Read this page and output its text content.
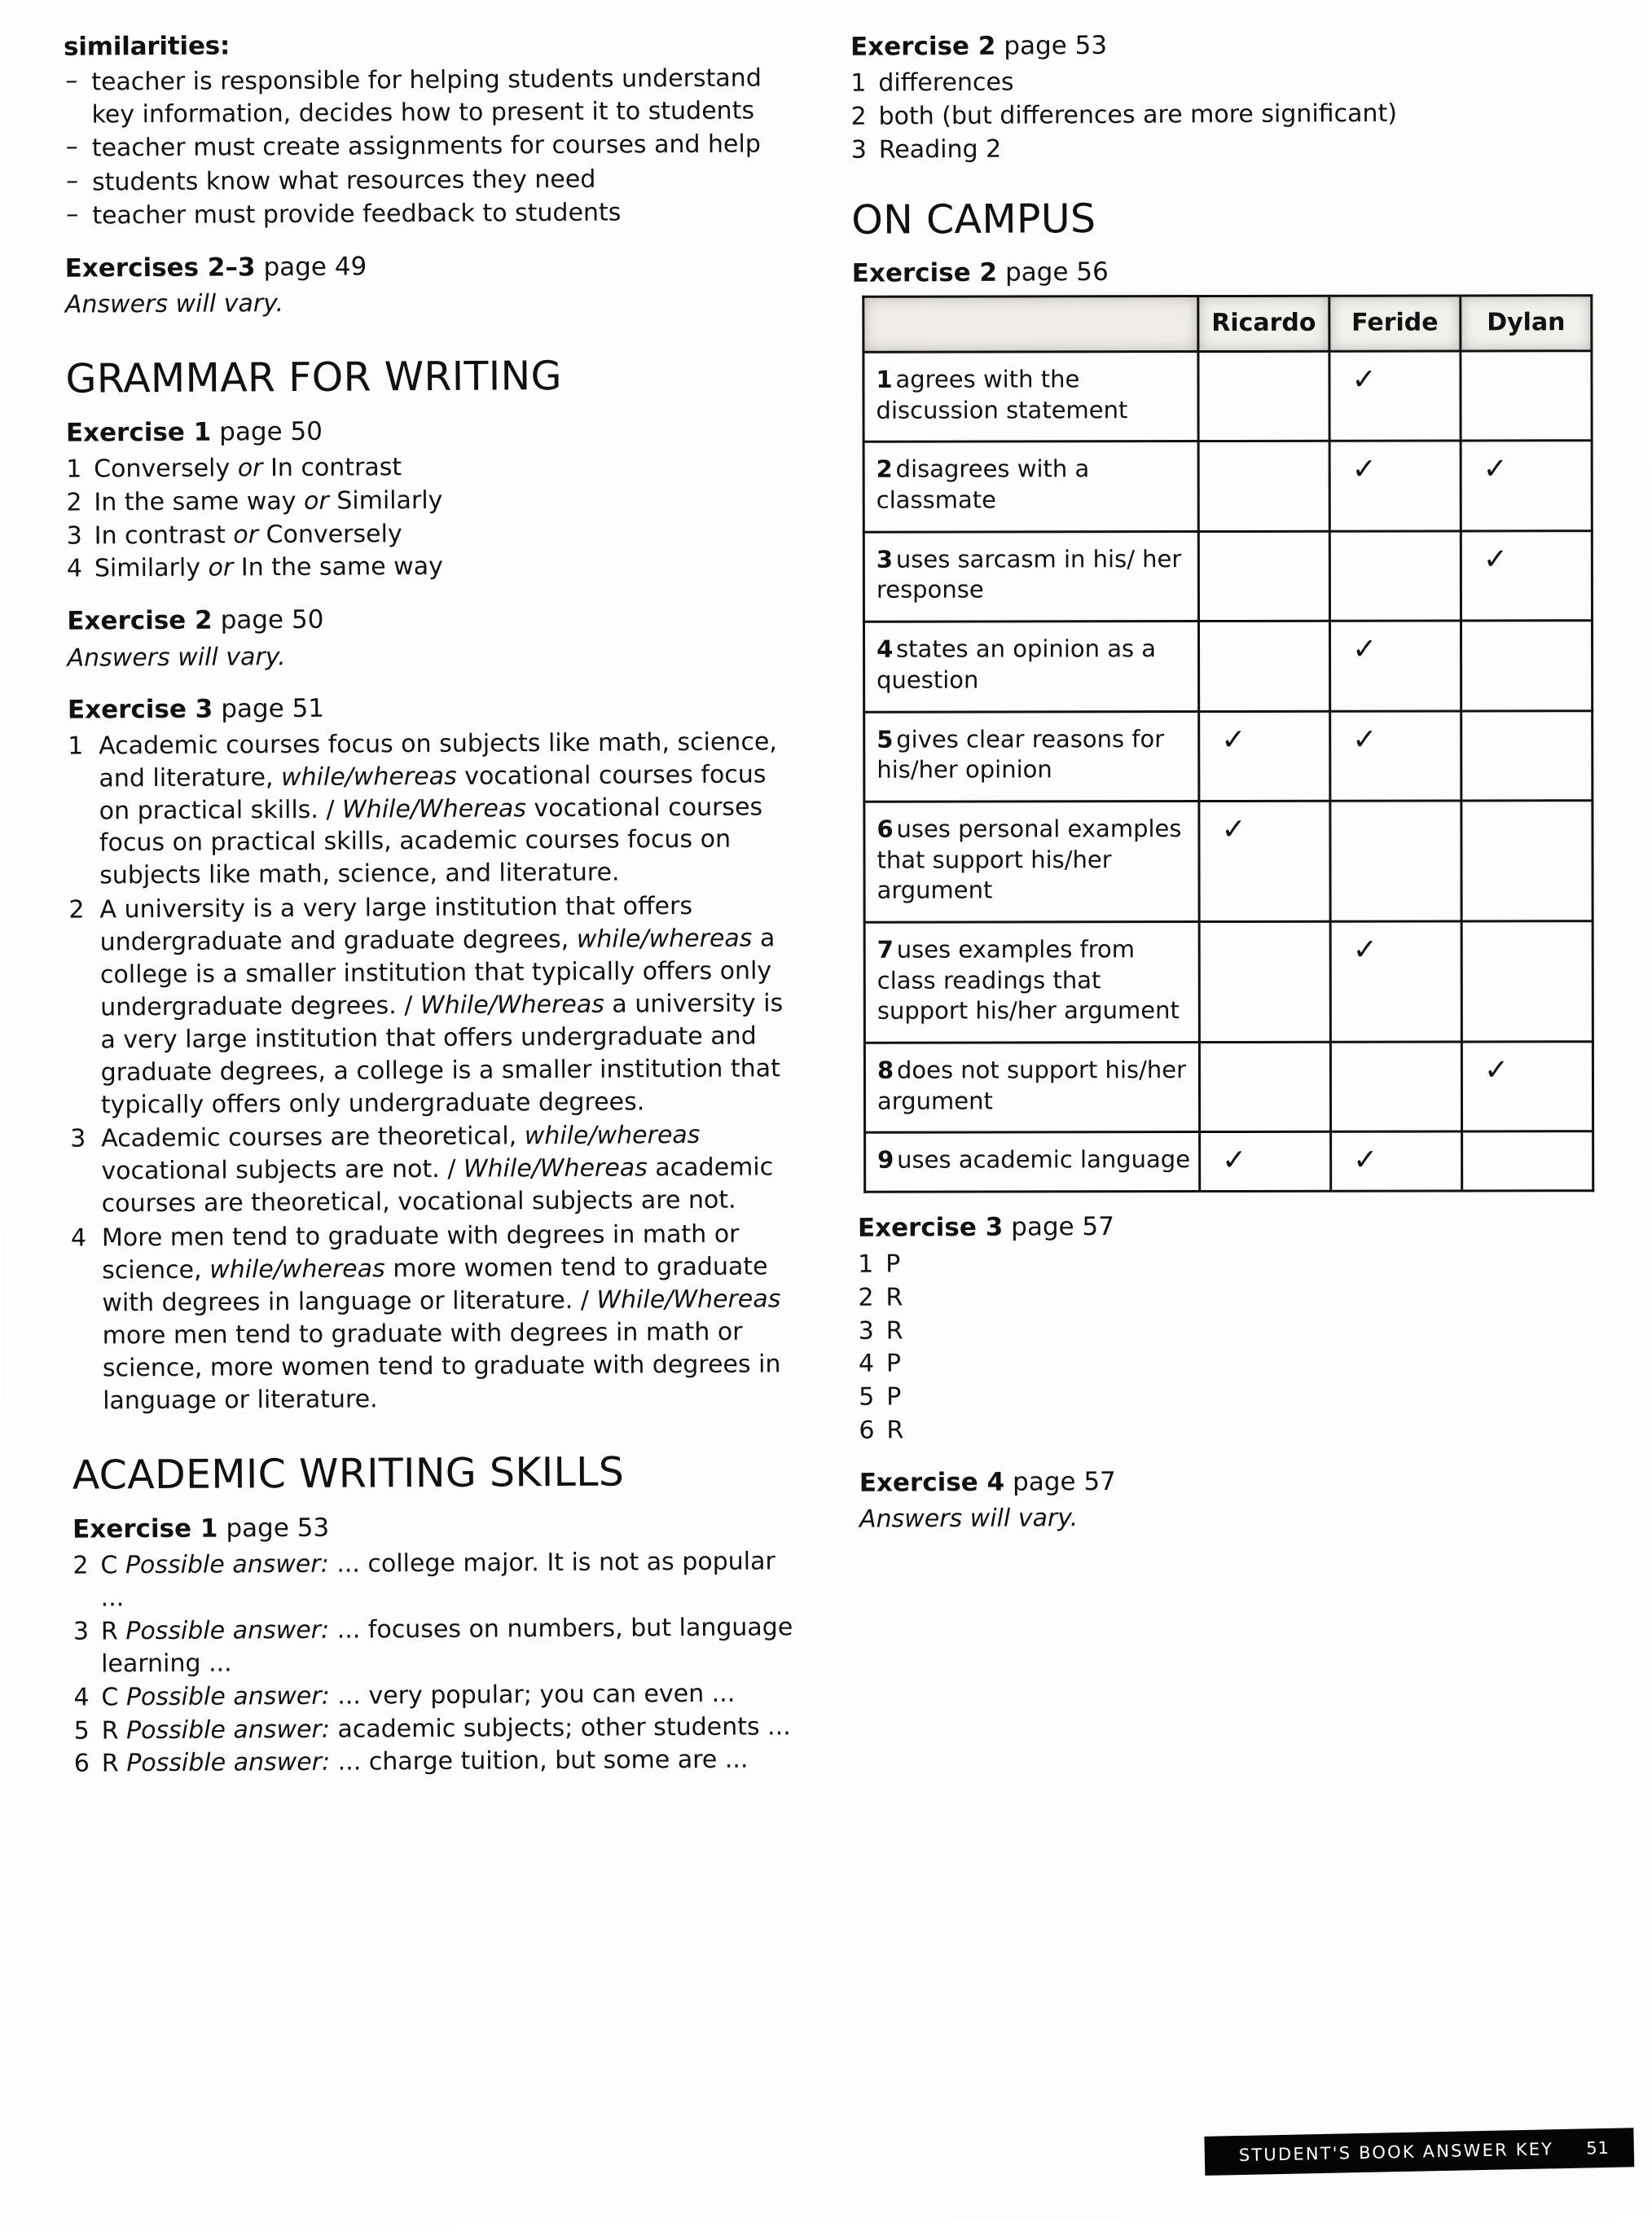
similarities:
– teacher is responsible for helping students understand key information, decides how to present it to students
– teacher must create assignments for courses and help
– students know what resources they need
– teacher must provide feedback to students
Exercises 2–3 page 49
Answers will vary.
GRAMMAR FOR WRITING
Exercise 1 page 50
1 Conversely or In contrast
2 In the same way or Similarly
3 In contrast or Conversely
4 Similarly or In the same way
Exercise 2 page 50
Answers will vary.
Exercise 3 page 51
1 Academic courses focus on subjects like math, science, and literature, while/whereas vocational courses focus on practical skills. / While/Whereas vocational courses focus on practical skills, academic courses focus on subjects like math, science, and literature.
2 A university is a very large institution that offers undergraduate and graduate degrees, while/whereas a college is a smaller institution that typically offers only undergraduate degrees. / While/Whereas a university is a very large institution that offers undergraduate and graduate degrees, a college is a smaller institution that typically offers only undergraduate degrees.
3 Academic courses are theoretical, while/whereas vocational subjects are not. / While/Whereas academic courses are theoretical, vocational subjects are not.
4 More men tend to graduate with degrees in math or science, while/whereas more women tend to graduate with degrees in language or literature. / While/Whereas more men tend to graduate with degrees in math or science, more women tend to graduate with degrees in language or literature.
ACADEMIC WRITING SKILLS
Exercise 1 page 53
2 C Possible answer: ... college major. It is not as popular ...
3 R Possible answer: ... focuses on numbers, but language learning ...
4 C Possible answer: ... very popular; you can even ...
5 R Possible answer: academic subjects; other students ...
6 R Possible answer: ... charge tuition, but some are ...
Exercise 2 page 53
1 differences
2 both (but differences are more significant)
3 Reading 2
ON CAMPUS
Exercise 2 page 56
	Ricardo	Feride	Dylan
1 agrees with the discussion statement		✓	
2 disagrees with a classmate		✓	✓
3 uses sarcasm in his/ her response			✓
4 states an opinion as a question		✓	
5 gives clear reasons for his/her opinion	✓	✓	
6 uses personal examples that support his/her argument	✓		
7 uses examples from class readings that support his/her argument		✓	
8 does not support his/her argument			✓
9 uses academic language	✓	✓	
Exercise 3 page 57
1 P
2 R
3 R
4 P
5 P
6 R
Exercise 4 page 57
Answers will vary.
STUDENT'S BOOK ANSWER KEY 51
